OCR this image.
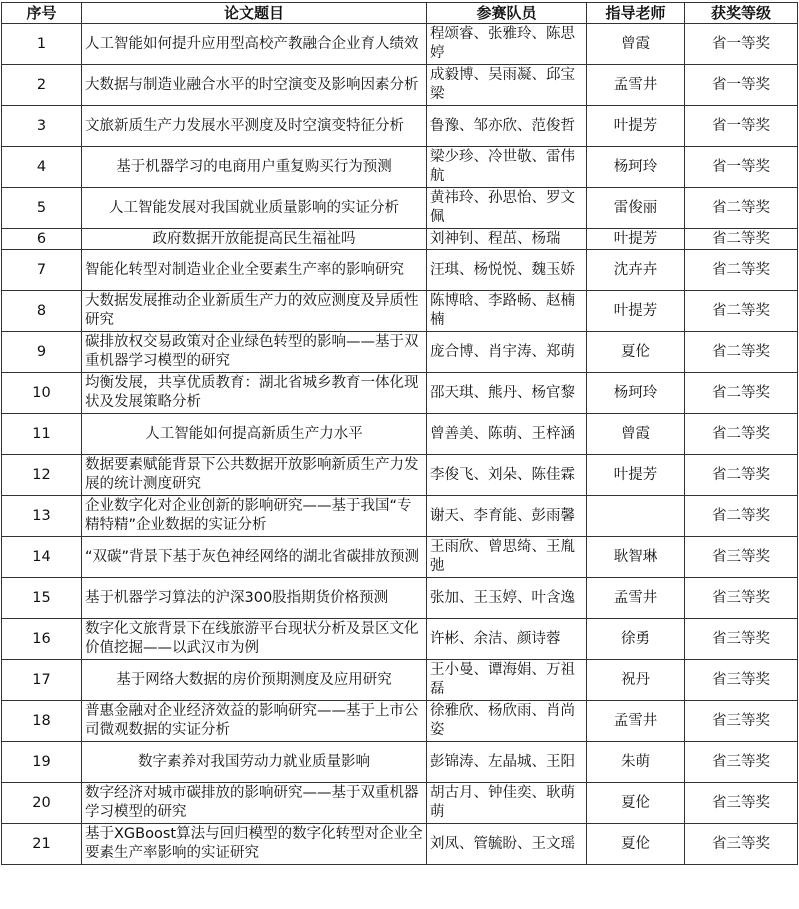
序号	论文题目	参赛队员	指导老师	获奖等级
1	人工智能如何提升应用型高校产教融合企业育人绩效	程颂睿、张雅玲、陈思婷	曾霞	省一等奖
2	大数据与制造业融合水平的时空演变及影响因素分析	成毅博、吴雨凝、邱宝梁	孟雪井	省一等奖
3	文旅新质生产力发展水平测度及时空演变特征分析	鲁豫、邹亦欣、范俊哲	叶提芳	省一等奖
4	基于机器学习的电商用户重复购买行为预测	梁少珍、冷世敬、雷伟航	杨珂玲	省一等奖
5	人工智能发展对我国就业质量影响的实证分析	黄祎玲、孙思怡、罗文佩	雷俊丽	省二等奖
6	政府数据开放能提高民生福祉吗	刘神钊、程茁、杨瑞	叶提芳	省二等奖
7	智能化转型对制造业企业全要素生产率的影响研究	汪琪、杨悦悦、魏玉娇	沈卉卉	省二等奖
8	大数据发展推动企业新质生产力的效应测度及异质性研究	陈博晗、李路畅、赵楠楠	叶提芳	省二等奖
9	碳排放权交易政策对企业绿色转型的影响——基于双重机器学习模型的研究	庞合博、肖宇涛、郑萌	夏伦	省二等奖
10	均衡发展，共享优质教育：湖北省城乡教育一体化现状及发展策略分析	邵天琪、熊丹、杨官黎	杨珂玲	省二等奖
11	人工智能如何提高新质生产力水平	曾善美、陈萌、王梓涵	曾霞	省二等奖
12	数据要素赋能背景下公共数据开放影响新质生产力发展的统计测度研究	李俊飞、刘朵、陈佳霖	叶提芳	省二等奖
13	企业数字化对企业创新的影响研究——基于我国“专精特精”企业数据的实证分析	谢天、李育能、彭雨馨		省二等奖
14	“双碳”背景下基于灰色神经网络的湖北省碳排放预测	王雨欣、曾思绮、王胤弛	耿智琳	省三等奖
15	基于机器学习算法的沪深300股指期货价格预测	张加、王玉婷、叶含逸	孟雪井	省三等奖
16	数字化文旅背景下在线旅游平台现状分析及景区文化价值挖掘——以武汉市为例	许彬、余洁、颜诗蓉	徐勇	省三等奖
17	基于网络大数据的房价预期测度及应用研究	王小曼、谭海娟、万祖磊	祝丹	省三等奖
18	普惠金融对企业经济效益的影响研究——基于上市公司微观数据的实证分析	徐雅欣、杨欣雨、肖尚姿	孟雪井	省三等奖
19	数字素养对我国劳动力就业质量影响	彭锦涛、左晶城、王阳	朱萌	省三等奖
20	数字经济对城市碳排放的影响研究——基于双重机器学习模型的研究	胡古月、钟佳奕、耿萌萌	夏伦	省三等奖
21	基于XGBoost算法与回归模型的数字化转型对企业全要素生产率影响的实证研究	刘凤、管毓盼、王文瑶	夏伦	省三等奖
